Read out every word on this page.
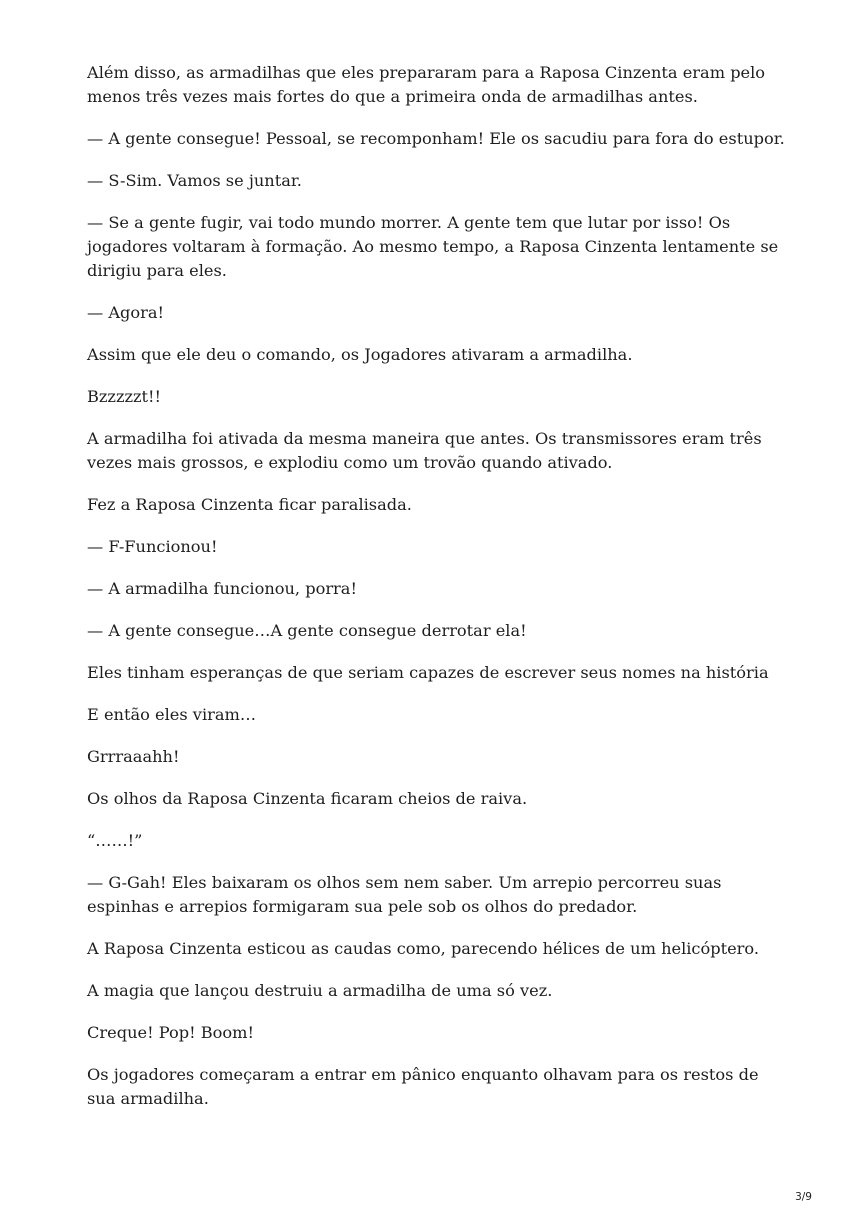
Além disso, as armadilhas que eles prepararam para a Raposa Cinzenta eram pelo menos três vezes mais fortes do que a primeira onda de armadilhas antes.

— A gente consegue! Pessoal, se recomponham! Ele os sacudiu para fora do estupor.

— S-Sim. Vamos se juntar.

— Se a gente fugir, vai todo mundo morrer. A gente tem que lutar por isso! Os jogadores voltaram à formação. Ao mesmo tempo, a Raposa Cinzenta lentamente se dirigiu para eles.

— Agora!

Assim que ele deu o comando, os Jogadores ativaram a armadilha.

Bzzzzzt!!

A armadilha foi ativada da mesma maneira que antes. Os transmissores eram três vezes mais grossos, e explodiu como um trovão quando ativado.

Fez a Raposa Cinzenta ficar paralisada.

— F-Funcionou!

— A armadilha funcionou, porra!

— A gente consegue…A gente consegue derrotar ela!

Eles tinham esperanças de que seriam capazes de escrever seus nomes na história

E então eles viram…

Grrraaahh!

Os olhos da Raposa Cinzenta ficaram cheios de raiva.

“……!”

— G-Gah! Eles baixaram os olhos sem nem saber. Um arrepio percorreu suas espinhas e arrepios formigaram sua pele sob os olhos do predador.

A Raposa Cinzenta esticou as caudas como, parecendo hélices de um helicóptero.

A magia que lançou destruiu a armadilha de uma só vez.

Creque! Pop! Boom!

Os jogadores começaram a entrar em pânico enquanto olhavam para os restos de sua armadilha.

3/9
